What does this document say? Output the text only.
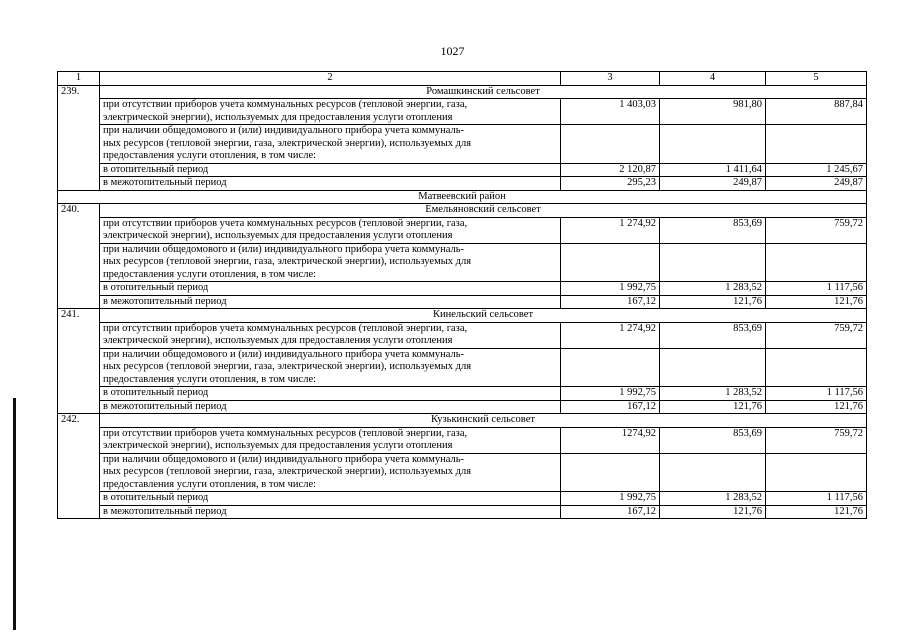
1027
1	2	3	4	5
239.	Ромашкинский сельсовет			

	при отсутствии приборов учета коммунальных ресурсов (тепловой энергии, газа,
электрической энергии), используемых для предоставления услуги отопления	1 403,03	981,80	887,84

	при наличии общедомового и (или) индивидуального прибора учета коммуналь-
ных ресурсов (тепловой энергии, газа, электрической энергии), используемых для
предоставления услуги отопления, в том числе:			

	в отопительный период	2 120,87	1 411,64	1 245,67
	в межотопительный период	295,23	249,87	249,87
Матвеевский район				
240.	Емельяновский сельсовет			

	при отсутствии приборов учета коммунальных ресурсов (тепловой энергии, газа,
электрической энергии), используемых для предоставления услуги отопления	1 274,92	853,69	759,72

	при наличии общедомового и (или) индивидуального прибора учета коммуналь-
ных ресурсов (тепловой энергии, газа, электрической энергии), используемых для
предоставления услуги отопления, в том числе:			

	в отопительный период	1 992,75	1 283,52	1 117,56
	в межотопительный период	167,12	121,76	121,76
241.	Кинельский сельсовет			

	при отсутствии приборов учета коммунальных ресурсов (тепловой энергии, газа,
электрической энергии), используемых для предоставления услуги отопления	1 274,92	853,69	759,72

	при наличии общедомового и (или) индивидуального прибора учета коммуналь-
ных ресурсов (тепловой энергии, газа, электрической энергии), используемых для
предоставления услуги отопления, в том числе:			

	в отопительный период	1 992,75	1 283,52	1 117,56
	в межотопительный период	167,12	121,76	121,76
242.	Кузькинский сельсовет			

	при отсутствии приборов учета коммунальных ресурсов (тепловой энергии, газа,
электрической энергии), используемых для предоставления услуги отопления	1274,92	853,69	759,72

	при наличии общедомового и (или) индивидуального прибора учета коммуналь-
ных ресурсов (тепловой энергии, газа, электрической энергии), используемых для
предоставления услуги отопления, в том числе:			

	в отопительный период	1 992,75	1 283,52	1 117,56
	в межотопительный период	167,12	121,76	121,76
